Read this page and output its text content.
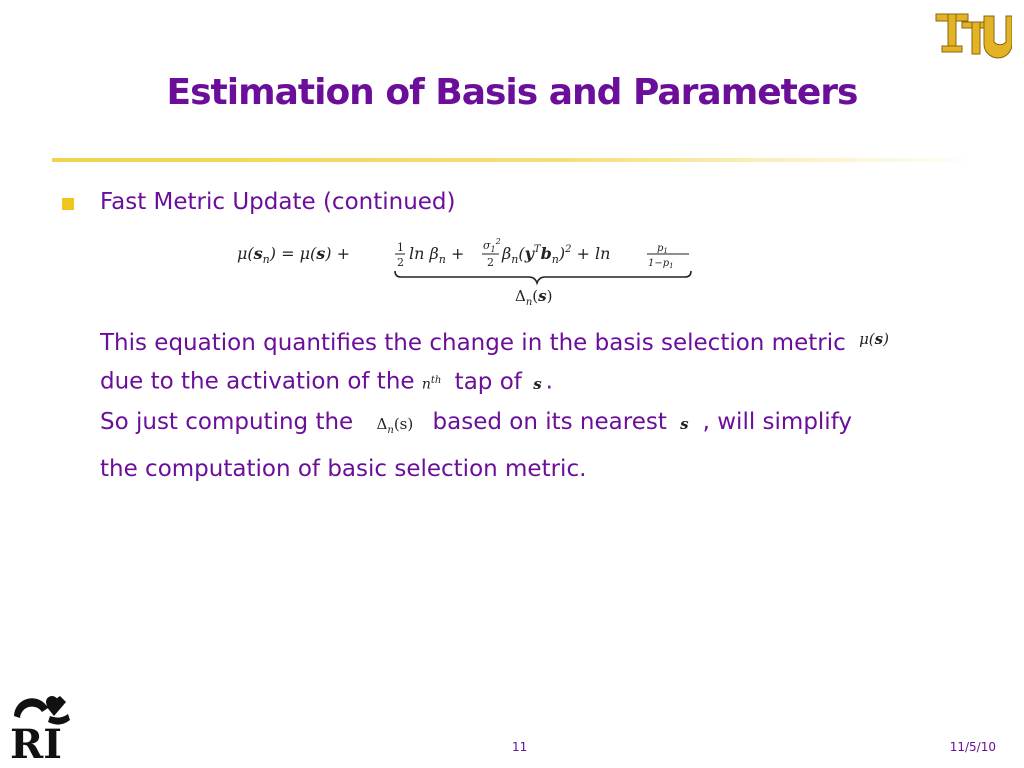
Estimation of Basis and Parameters
Fast Metric Update (continued)
$\mu(s_n) = \mu(s)$ +	1
2 $\ln \beta_n + \sigma_1^2$
2 $\beta_n(y^Tb_n)^2 + \ln$	$p_1$
$1-p_1$
$\Delta_n(s)$
This equation quantifies the change in the basis selection metric μ(s)
due to the activation of the $n^{th}$ tap of s .
So just computing the $\Delta_n(s)$ based on its nearest s , will simplify
the computation of basic selection metric.
RI	11	11/5/10
